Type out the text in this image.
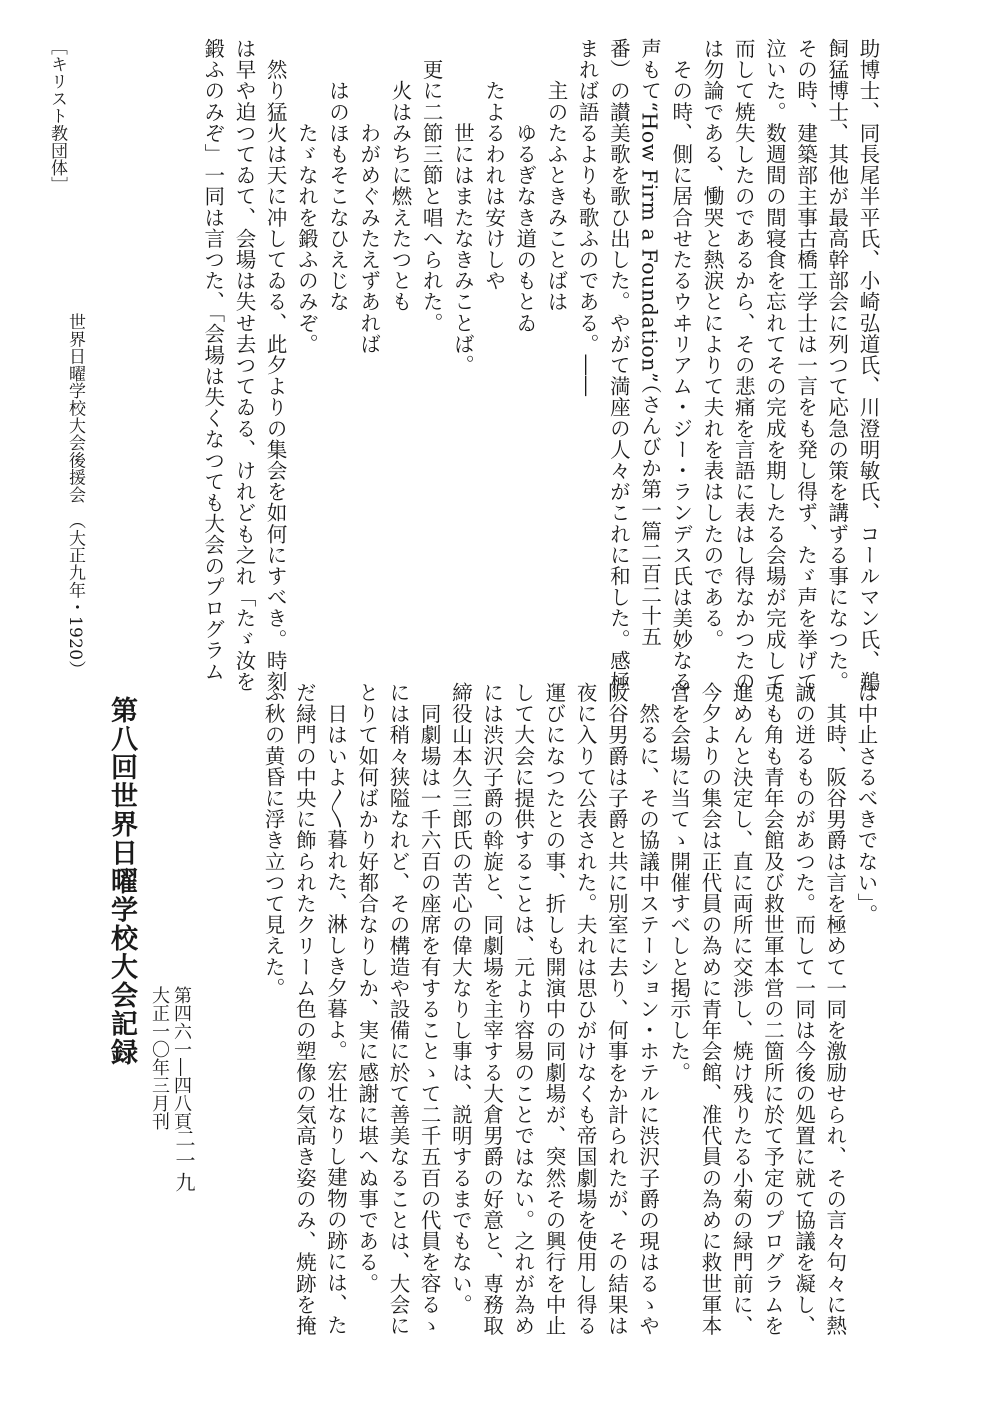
助博士、同長尾半平氏、小崎弘道氏、川澄明敏氏、コールマン氏、鵜
飼猛博士、其他が最高幹部会に列つて応急の策を講ずる事になつた。
その時、建築部主事古橋工学士は一言をも発し得ず、たゞ声を挙げて
泣いた。数週間の間寝食を忘れてその完成を期したる会場が完成して
而して焼失したのであるから、その悲痛を言語に表はし得なかつたの
は勿論である、慟哭と熱涙とによりて夫れを表はしたのである。
　その時、側に居合せたるウヰリアム・ジー・ランデス氏は美妙なる
声もて“How Firm a Foundation”（さんびか第一篇二百二十五
番）の讃美歌を歌ひ出した。やがて満座の人々がこれに和した。感極
まれば語るよりも歌ふのである。――
　　主のたふときみことばは
　　　　ゆるぎなき道のもとゐ
　　たよるわれは安けしや
　　　　世にはまたなきみことば。
　更に二節三節と唱へられた。
　　火はみちに燃えたつとも
　　　　わがめぐみたえずあれば
　　はのほもそこなひえじな
　　　　たゞなれを鍛ふのみぞ。
　然り猛火は天に冲してゐる、此夕よりの集会を如何にすべき。時刻
は早や迫つてゐて、会場は失せ去つてゐる、けれども之れ「たゞ汝を
鍛ふのみぞ」一同は言つた、「会場は失くなつても大会のプログラム
［キリスト教団体］
世界日曜学校大会後援会　（大正九年・1920）
は中止さるべきでない」。
　其時、阪谷男爵は言を極めて一同を激励せられ、その言々句々に熱
誠の迸るものがあつた。而して一同は今後の処置に就て協議を凝し、
兎も角も青年会館及び救世軍本営の二箇所に於て予定のプログラムを
進めんと決定し、直に両所に交渉し、焼け残りたる小菊の緑門前に、
今夕よりの集会は正代員の為めに青年会館、准代員の為めに救世軍本
営を会場に当てゝ開催すべしと掲示した。
　然るに、その協議中ステーション・ホテルに渋沢子爵の現はるゝや
阪谷男爵は子爵と共に別室に去り、何事をか計られたが、その結果は
夜に入りて公表された。夫れは思ひがけなくも帝国劇場を使用し得る
運びになつたとの事、折しも開演中の同劇場が、突然その興行を中止
して大会に提供することは、元より容易のことではない。之れが為め
には渋沢子爵の斡旋と、同劇場を主宰する大倉男爵の好意と、専務取
締役山本久三郎氏の苦心の偉大なりし事は、説明するまでもない。
　同劇場は一千六百の座席を有することゝて二千五百の代員を容るゝ
には稍々狭隘なれど、その構造や設備に於て善美なることは、大会に
とりて如何ばかり好都合なりしか、実に感謝に堪へぬ事である。
　日はいよ〳〵暮れた、淋しき夕暮よ。宏壮なりし建物の跡には、た
だ緑門の中央に飾られたクリーム色の塑像の気高き姿のみ、焼跡を掩
ふ秋の黄昏に浮き立つて見えた。
第八回世界日曜学校大会記録	第四六一―四八頁
大正一〇年三月刊
二一九
